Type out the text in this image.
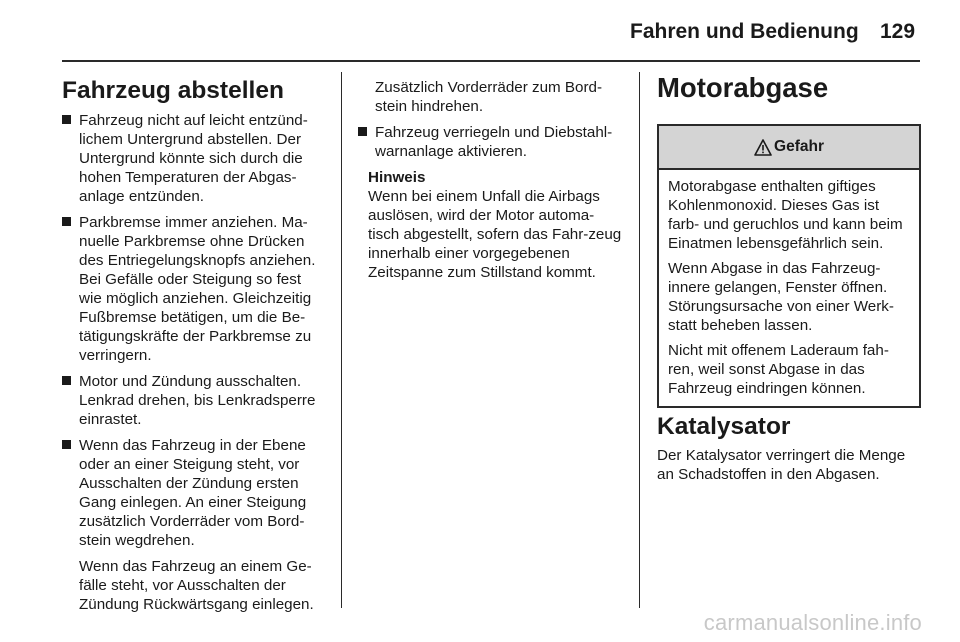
Fahren und Bedienung 129
Fahrzeug abstellen
Fahrzeug nicht auf leicht entzünd-lichem Untergrund abstellen. Der Untergrund könnte sich durch die hohen Temperaturen der Abgas-anlage entzünden.
Parkbremse immer anziehen. Ma-nuelle Parkbremse ohne Drücken des Entriegelungsknopfs anziehen. Bei Gefälle oder Steigung so fest wie möglich anziehen. Gleichzeitig Fußbremse betätigen, um die Be-tätigungskräfte der Parkbremse zu verringern.
Motor und Zündung ausschalten. Lenkrad drehen, bis Lenkradsperre einrastet.
Wenn das Fahrzeug in der Ebene oder an einer Steigung steht, vor Ausschalten der Zündung ersten Gang einlegen. An einer Steigung zusätzlich Vorderräder vom Bord-stein wegdrehen.

Wenn das Fahrzeug an einem Ge-fälle steht, vor Ausschalten der Zündung Rückwärtsgang einlegen.

Zusätzlich Vorderräder zum Bord-stein hindrehen.

Fahrzeug verriegeln und Diebstahl-warnanlage aktivieren.

Hinweis

Wenn bei einem Unfall die Airbags auslösen, wird der Motor automa-tisch abgestellt, sofern das Fahr-zeug innerhalb einer vorgegebenen Zeitspanne zum Stillstand kommt.

Motorabgase
Gefahr

Motorabgase enthalten giftiges Kohlenmonoxid. Dieses Gas ist farb- und geruchlos und kann beim Einatmen lebensgefährlich sein.

Wenn Abgase in das Fahrzeug-innere gelangen, Fenster öffnen. Störungsursache von einer Werk-statt beheben lassen.

Nicht mit offenem Laderaum fah-ren, weil sonst Abgase in das Fahrzeug eindringen können.

Katalysator
Der Katalysator verringert die Menge an Schadstoffen in den Abgasen.
carmanualsonline.info
